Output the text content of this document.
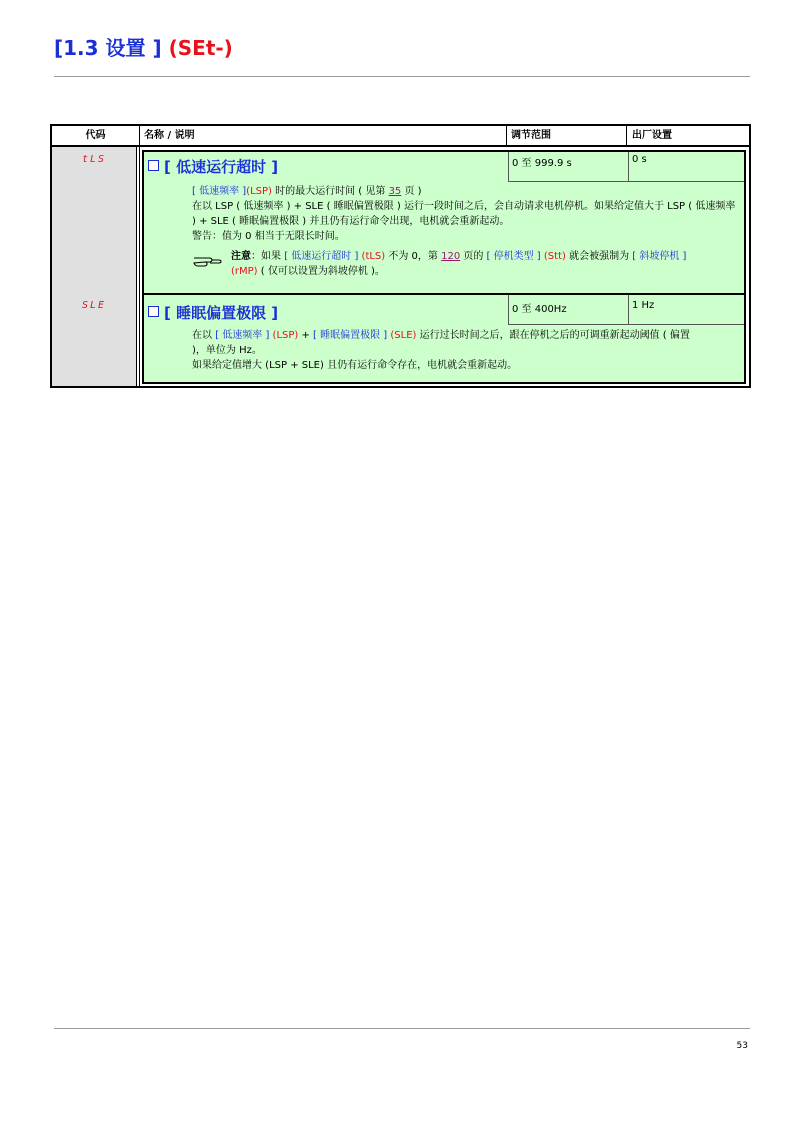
[1.3 设置 ] (SEt-)
代码	名称 / 说明	调节范围	出厂设置
tLS	[ 低速运行超时 ]	0 至 999.9 s	0 s
[ 低速频率 ](LSP) 时的最大运行时间 ( 见第 35 页 )
在以 LSP ( 低速频率 ) + SLE ( 睡眠偏置极限 ) 运行一段时间之后，会自动请求电机停机。如果给定值大于 LSP ( 低速频率 ) + SLE ( 睡眠偏置极限 ) 并且仍有运行命令出现，电机就会重新起动。
警告：值为 0 相当于无限长时间。
注意：如果 [ 低速运行超时 ] (tLS) 不为 0，第 120 页的 [ 停机类型 ] (Stt) 就会被强制为 [ 斜坡停机 ]
(rMP) ( 仅可以设置为斜坡停机 )。
SLE	[ 睡眠偏置极限 ]	0 至 400Hz	1 Hz
在以 [ 低速频率 ] (LSP) + [ 睡眠偏置极限 ] (SLE) 运行过长时间之后，跟在停机之后的可调重新起动阈值 ( 偏置 )，单位为 Hz。
如果给定值增大 (LSP + SLE) 且仍有运行命令存在，电机就会重新起动。
53
